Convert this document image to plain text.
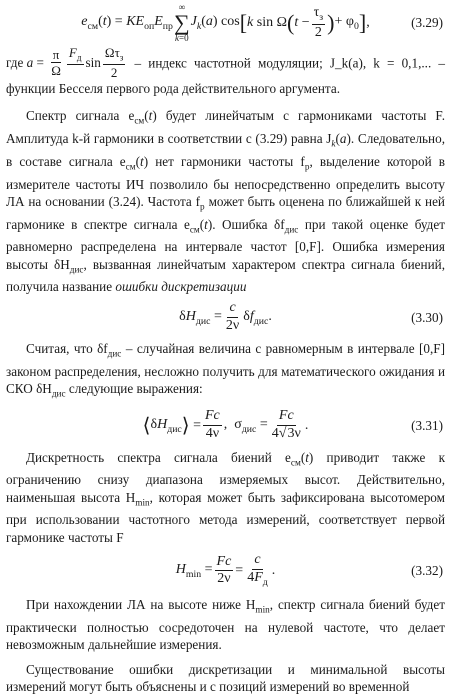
$e_{см}(t) = KE_{оп}E_{пр}$
∞
∑
k=0
$J_k(a)$ cos [ k sin Ω ( $t - \frac{\tau_з}{2}$ ) + $\varphi_0$ ] ,	(3.29)

где $a = \frac{\pi}{\Omega} F_д$
$\sin \frac{\Omega\tau_з}{2}$ – индекс частотной модуляции; J_k(a), k = 0,1,... – функции Бесселя первого рода действительного аргумента.

Спектр сигнала $e_{см}(t)$ будет линейчатым с гармониками частоты F. Амплитуда k-й гармоники в соответствии с (3.29) равна $J_k(a)$. Следовательно, в составе сигнала $e_{см}(t)$ нет гармоники частоты $f_р$, выделение которой в измерителе частоты ИЧ позволило бы непосредственно определить высоту ЛА на основании (3.24). Частота $f_р$ может быть оценена по ближайшей к ней гармонике в спектре сигнала $e_{см}(t)$. Ошибка $\delta f_{дис}$ при такой оценке будет равномерно распределена на интервале частот [0,F]. Ошибка измерения высоты $\delta H_{дис}$, вызванная линейчатым характером спектра сигнала биений, получила название ошибки дискретизации

$\delta H_{дис} = \frac{c}{2\nu} \delta f_{дис}$.	(3.30)

Считая, что $\delta f_{дис}$ – случайная величина с равномерным в интервале [0,F] законом распределения, несложно получить для математического ожидания и СКО $\delta H_{дис}$ следующие выражения:

⟨ $\delta H_{дис}$ ⟩ = $\frac{Fc}{4\nu}$ ,  $\sigma_{дис} = \frac{Fc}{4√3\nu}$ .	(3.31)

Дискретность спектра сигнала биений $e_{см}(t)$ приводит также к ограничению снизу диапазона измеряемых высот. Действительно, наименьшая высота $H_{min}$, которая может быть зафиксирована высотомером при использовании частотного метода измерений, соответствует первой гармонике частоты F

$H_{min} = \frac{Fc}{2\nu} = \frac{c}{4F_д}$ .	(3.32)

При нахождении ЛА на высоте ниже $H_{min}$, спектр сигнала биений будет практически полностью сосредоточен на нулевой частоте, что делает невозможным дальнейшие измерения.

Существование ошибки дискретизации и минимальной высоты измерений могут быть объяснены и с позиций измерений во временной
